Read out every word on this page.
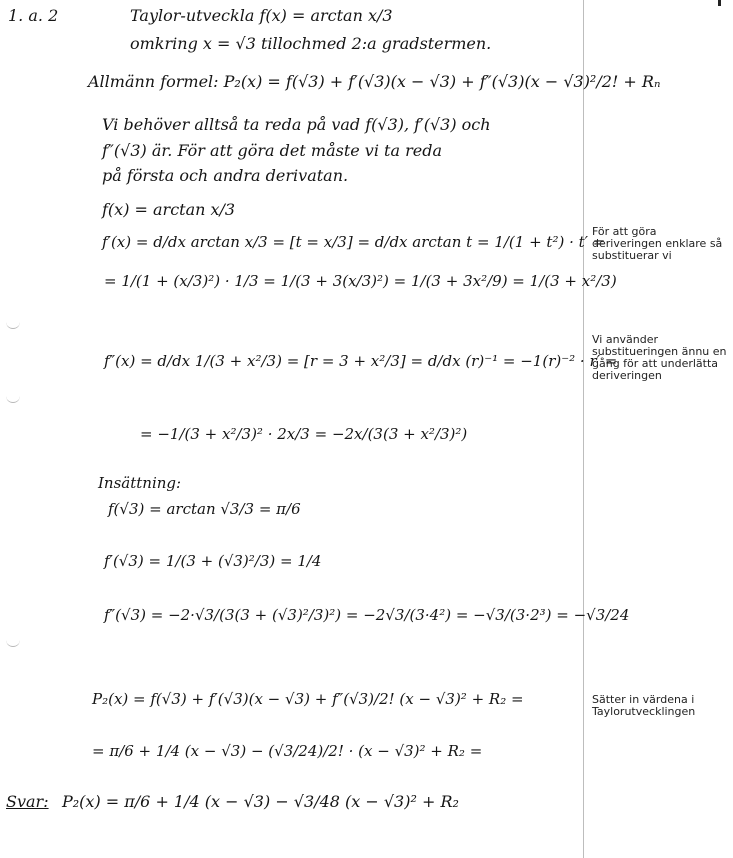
1. a. 2	Taylor-utveckla f(x) = arctan x/3
omkring x = √3 tillochmed 2:a gradstermen.
Allmänn formel: P₂(x) = f(√3) + f′(√3)(x − √3) + f″(√3)(x − √3)²/2! + Rₙ
Vi behöver alltså ta reda på vad f(√3), f′(√3) och
f″(√3) är. För att göra det måste vi ta reda
på första och andra derivatan.
f(x) = arctan x/3
f′(x) = d/dx arctan x/3 = [t = x/3] = d/dx arctan t = 1/(1 + t²) · t′ =
= 1/(1 + (x/3)²) · 1/3 = 1/(3 + 3(x/3)²) = 1/(3 + 3x²/9) = 1/(3 + x²/3)
f″(x) = d/dx 1/(3 + x²/3) = [r = 3 + x²/3] = d/dx (r)⁻¹ = −1(r)⁻² · r′ =
= −1/(3 + x²/3)² · 2x/3 = −2x/(3(3 + x²/3)²)
Insättning:
f(√3) = arctan √3/3 = π/6
f′(√3) = 1/(3 + (√3)²/3) = 1/4
f″(√3) = −2·√3/(3(3 + (√3)²/3)²) = −2√3/(3·4²) = −√3/(3·2³) = −√3/24
P₂(x) = f(√3) + f′(√3)(x − √3) + f″(√3)/2! (x − √3)² + R₂ =
= π/6 + 1/4 (x − √3) − (√3/24)/2! · (x − √3)² + R₂ =
Svar: P₂(x) = π/6 + 1/4 (x − √3) − √3/48 (x − √3)² + R₂
För att göra deriveringen enklare så substituerar vi
Vi använder substitueringen ännu en gång för att underlätta deriveringen
Sätter in värdena i Taylorutvecklingen
